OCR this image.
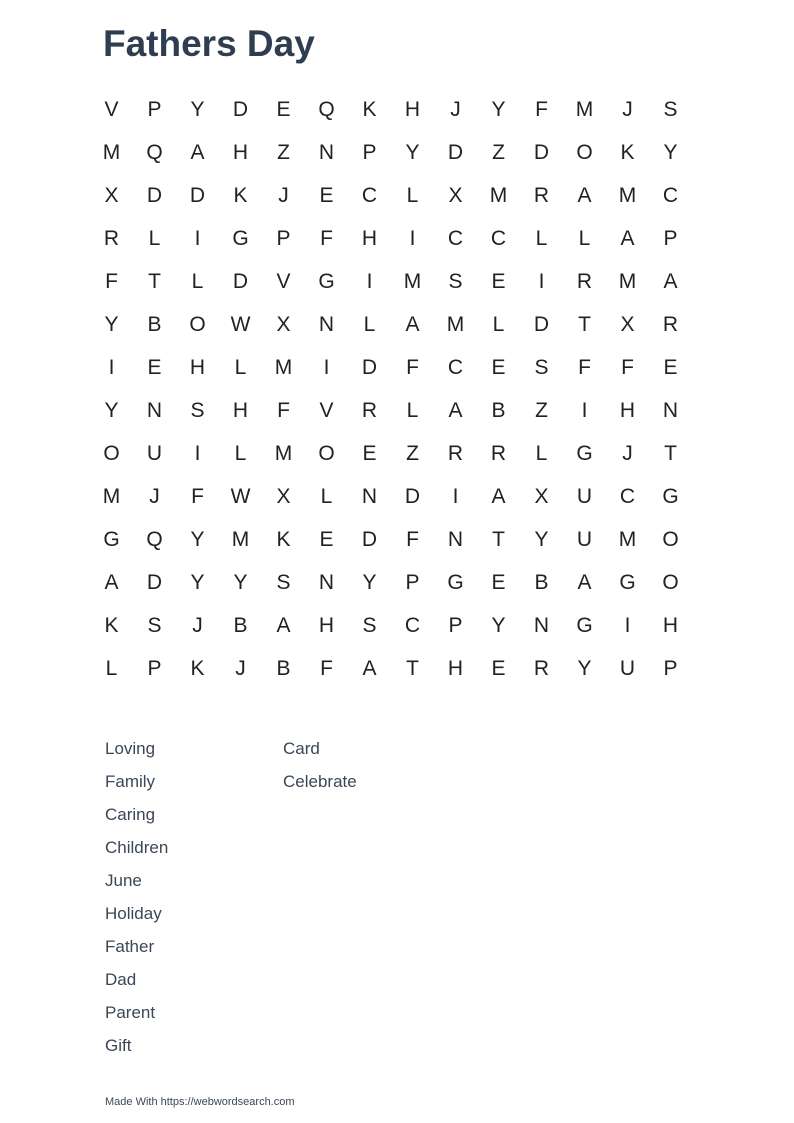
Fathers Day
V	P	Y	D	E	Q	K	H	J	Y	F	M	J	S
M	Q	A	H	Z	N	P	Y	D	Z	D	O	K	Y
X	D	D	K	J	E	C	L	X	M	R	A	M	C
R	L	I	G	P	F	H	I	C	C	L	L	A	P
F	T	L	D	V	G	I	M	S	E	I	R	M	A
Y	B	O	W	X	N	L	A	M	L	D	T	X	R
I	E	H	L	M	I	D	F	C	E	S	F	F	E
Y	N	S	H	F	V	R	L	A	B	Z	I	H	N
O	U	I	L	M	O	E	Z	R	R	L	G	J	T
M	J	F	W	X	L	N	D	I	A	X	U	C	G
G	Q	Y	M	K	E	D	F	N	T	Y	U	M	O
A	D	Y	Y	S	N	Y	P	G	E	B	A	G	O
K	S	J	B	A	H	S	C	P	Y	N	G	I	H
L	P	K	J	B	F	A	T	H	E	R	Y	U	P
Loving
Family
Caring
Children
June
Holiday
Father
Dad
Parent
Gift
Card
Celebrate
Made With https://webwordsearch.com
